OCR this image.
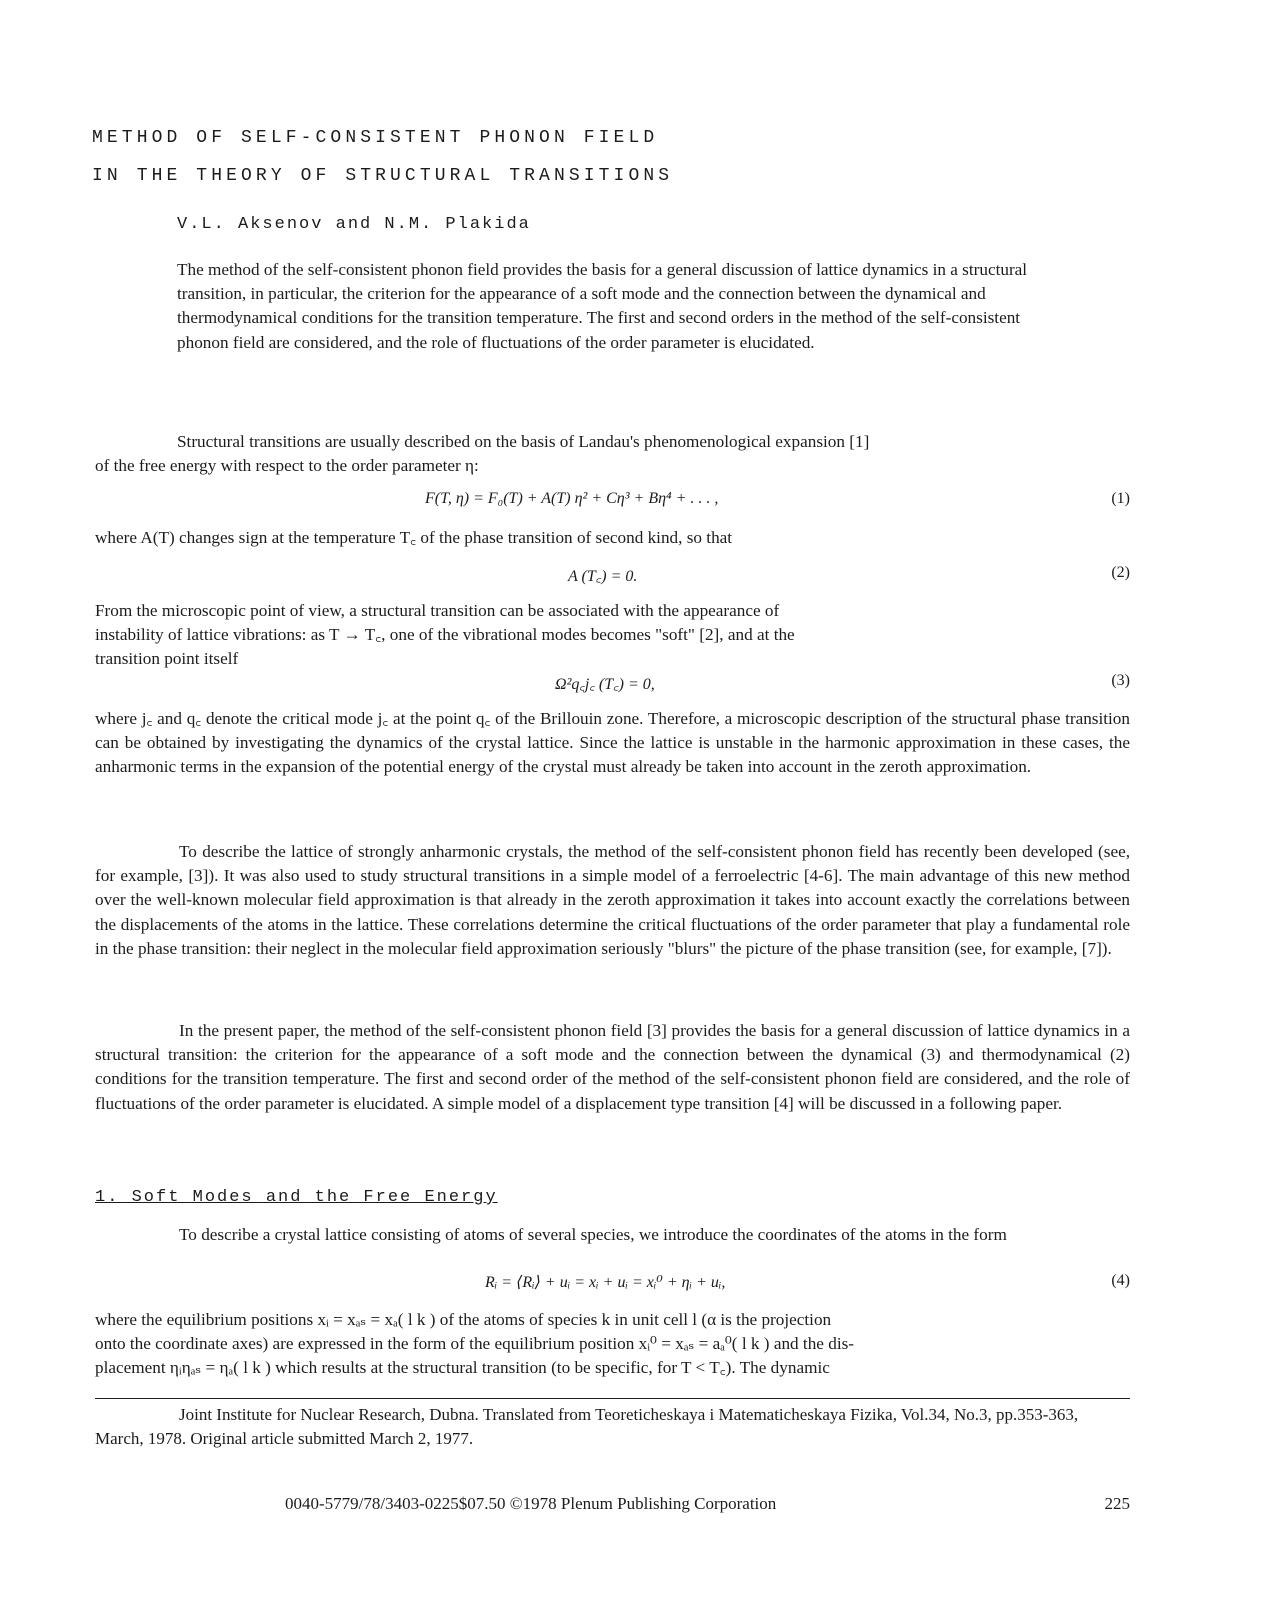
METHOD OF SELF-CONSISTENT PHONON FIELD
IN THE THEORY OF STRUCTURAL TRANSITIONS
V.L. Aksenov and N.M. Plakida
The method of the self-consistent phonon field provides the basis for a general discussion of lattice dynamics in a structural transition, in particular, the criterion for the appearance of a soft mode and the connection between the dynamical and thermodynamical conditions for the transition temperature. The first and second orders in the method of the self-consistent phonon field are considered, and the role of fluctuations of the order parameter is elucidated.
Structural transitions are usually described on the basis of Landau's phenomenological expansion [1]
of the free energy with respect to the order parameter η:
F(T, η) = F₀(T) + A(T) η² + Cη³ + Bη⁴ + . . . ,	(1)
where A(T) changes sign at the temperature T꜀ of the phase transition of second kind, so that
A (T꜀) = 0.	(2)
From the microscopic point of view, a structural transition can be associated with the appearance of
instability of lattice vibrations: as T → T꜀, one of the vibrational modes becomes "soft" [2], and at the
transition point itself
Ω²q꜀j꜀ (T꜀) = 0,	(3)
where j꜀ and q꜀ denote the critical mode j꜀ at the point q꜀ of the Brillouin zone. Therefore, a microscopic description of the structural phase transition can be obtained by investigating the dynamics of the crystal lattice. Since the lattice is unstable in the harmonic approximation in these cases, the anharmonic terms in the expansion of the potential energy of the crystal must already be taken into account in the zeroth approximation.
To describe the lattice of strongly anharmonic crystals, the method of the self-consistent phonon field has recently been developed (see, for example, [3]). It was also used to study structural transitions in a simple model of a ferroelectric [4-6]. The main advantage of this new method over the well-known molecular field approximation is that already in the zeroth approximation it takes into account exactly the correlations between the displacements of the atoms in the lattice. These correlations determine the critical fluctuations of the order parameter that play a fundamental role in the phase transition: their neglect in the molecular field approximation seriously "blurs" the picture of the phase transition (see, for example, [7]).
In the present paper, the method of the self-consistent phonon field [3] provides the basis for a general discussion of lattice dynamics in a structural transition: the criterion for the appearance of a soft mode and the connection between the dynamical (3) and thermodynamical (2) conditions for the transition temperature. The first and second order of the method of the self-consistent phonon field are considered, and the role of fluctuations of the order parameter is elucidated. A simple model of a displacement type transition [4] will be discussed in a following paper.
1. Soft Modes and the Free Energy
To describe a crystal lattice consisting of atoms of several species, we introduce the coordinates of the atoms in the form
Rᵢ = ⟨Rᵢ⟩ + uᵢ = xᵢ + uᵢ = xᵢ⁰ + ηᵢ + uᵢ,	(4)
where the equilibrium positions xᵢ = xₐₛ = xₐ( l k ) of the atoms of species k in unit cell l (α is the projection
onto the coordinate axes) are expressed in the form of the equilibrium position xᵢ⁰ = xₐₛ = aₐ⁰( l k ) and the dis-
placement ηᵢηₐₛ = ηₐ( l k ) which results at the structural transition (to be specific, for T < T꜀). The dynamic
Joint Institute for Nuclear Research, Dubna. Translated from Teoreticheskaya i Matematicheskaya Fizika, Vol.34, No.3, pp.353-363, March, 1978. Original article submitted March 2, 1977.
0040-5779/78/3403-0225$07.50 ©1978 Plenum Publishing Corporation	225
